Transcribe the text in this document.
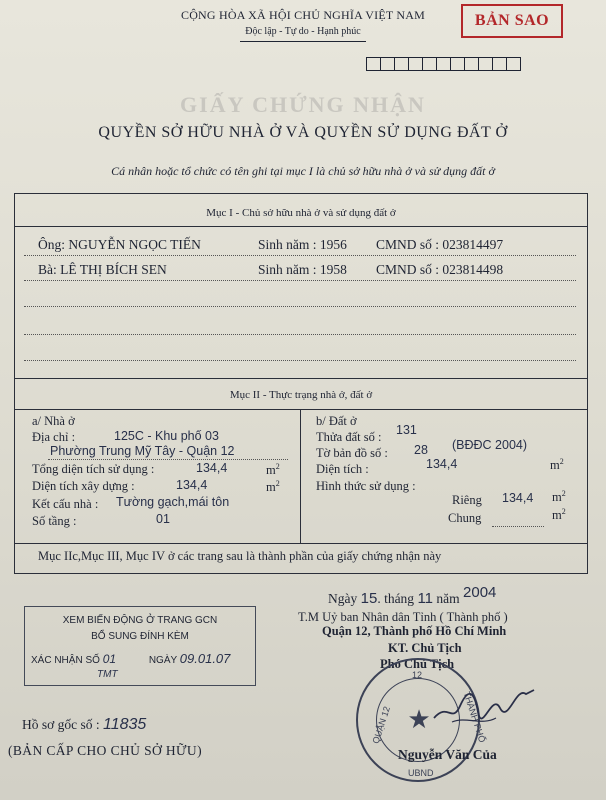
CỘNG HÒA XÃ HỘI CHỦ NGHĨA VIỆT NAM
Độc lập - Tự do - Hạnh phúc
BẢN SAO
GIẤY CHỨNG NHẬN
QUYỀN SỞ HỮU NHÀ Ở VÀ QUYỀN SỬ DỤNG ĐẤT Ở
Cá nhân hoặc tổ chức có tên ghi tại mục I là chủ sở hữu nhà ở và sử dụng đất ở
Mục I - Chủ sở hữu nhà ở và sử dụng đất ở
Ông: NGUYỄN NGỌC TIẾN	Sinh năm : 1956 CMND số : 023814497
Bà: LÊ THỊ BÍCH SEN	Sinh năm : 1958 CMND số : 023814498
Mục II - Thực trạng nhà ở, đất ở
a/ Nhà ở
Địa chỉ :	125C - Khu phố 03
Phường Trung Mỹ Tây - Quận 12
Tổng diện tích sử dụng :	134,4	$m^2$
Diện tích xây dựng :	134,4	$m^2$
Kết cấu nhà : Tường gạch,mái tôn
Số tầng :	01
b/ Đất ở
Thửa đất số : 131
Tờ bản đồ số : 28 (BĐĐC 2004)
Diện tích :	134,4	$m^2$
Hình thức sử dụng :
Riêng 134,4 $m^2$
Chung	$m^2$
Mục IIc,Mục III, Mục IV ở các trang sau là thành phần của giấy chứng nhận này
Ngày 15. tháng 11 năm 2004
T.M Uỷ ban Nhân dân Tỉnh ( Thành phố )
Quận 12, Thành phố Hồ Chí Minh
KT. Chủ Tịch
Phó Chủ Tịch
★
12
QUẬN 12	THÀNH PHỐ
UBND
Nguyễn Văn Của
XEM BIẾN ĐỘNG Ở TRANG GCN
BỔ SUNG ĐÍNH KÈM
XÁC NHẬN SỐ 01	NGÀY 09.01.07
TMT
Hồ sơ gốc số : 11835
(BẢN CẤP CHO CHỦ SỞ HỮU)
